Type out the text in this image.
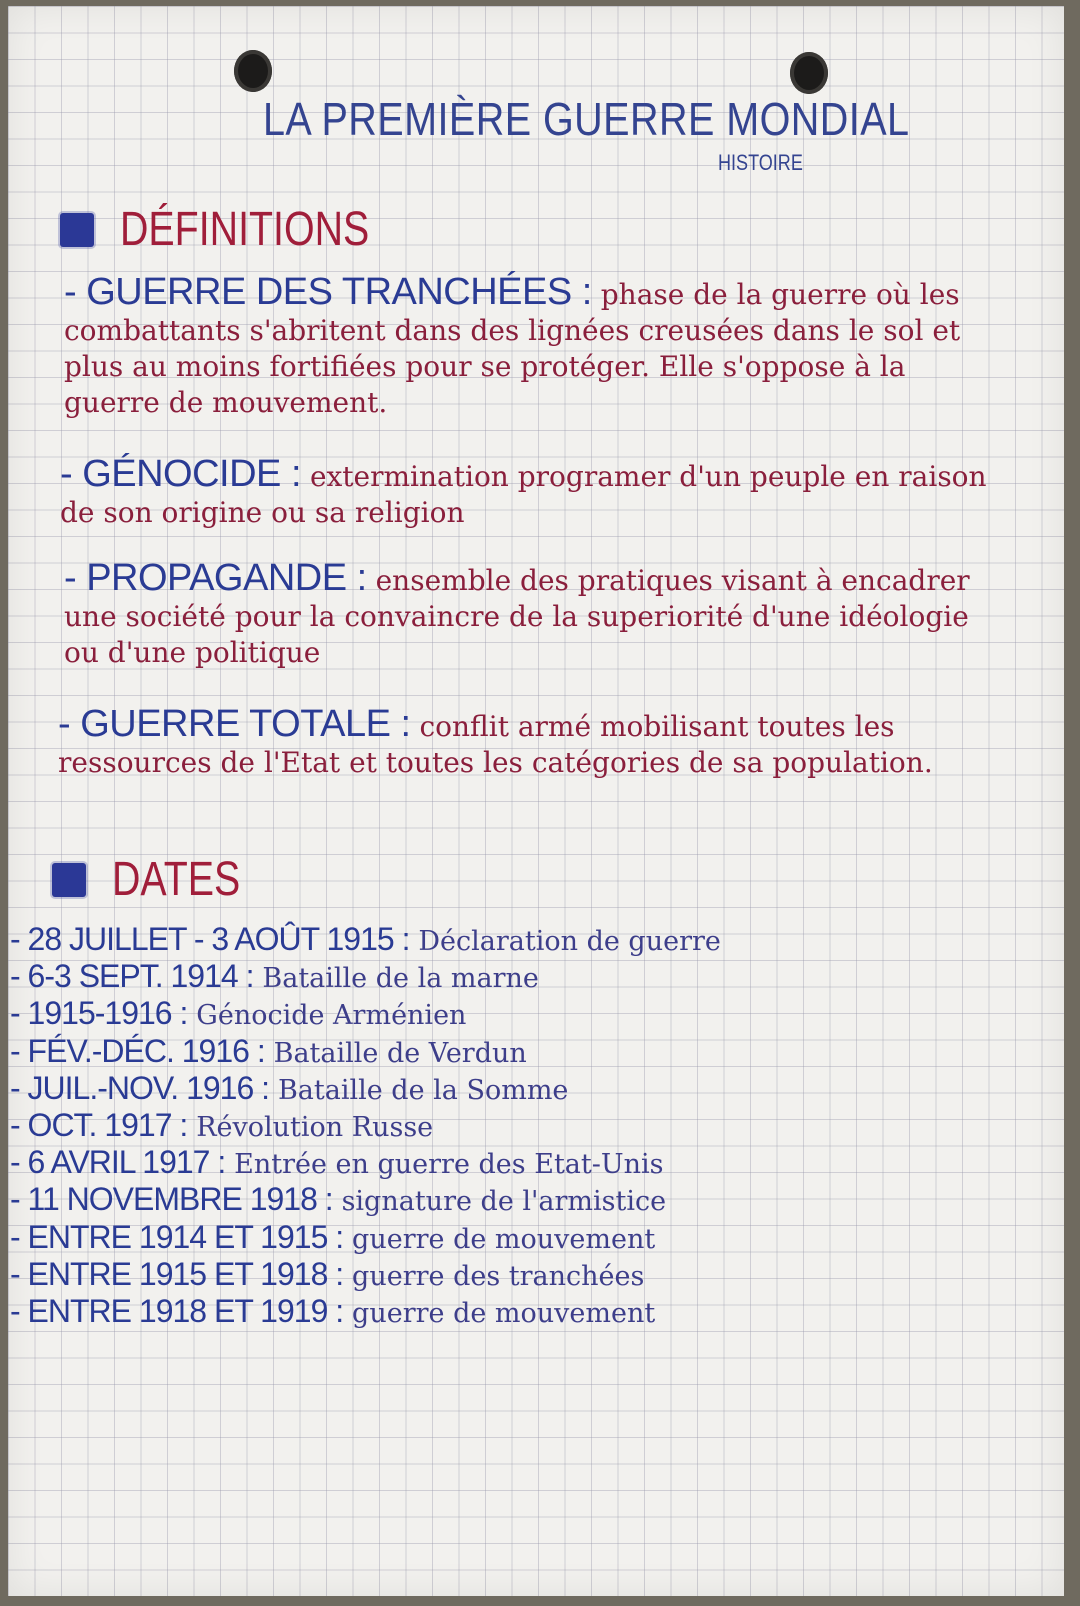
LA PREMIÈRE GUERRE MONDIAL
HISTOIRE
DÉFINITIONS

- GUERRE DES TRANCHÉES : phase de la guerre où les combattants s'abritent dans des lignées creusées dans le sol et plus au moins fortifiées pour se protéger. Elle s'oppose à la guerre de mouvement.

- GÉNOCIDE : extermination programer d'un peuple en raison de son origine ou sa religion

- PROPAGANDE : ensemble des pratiques visant à encadrer une société pour la convaincre de la superiorité d'une idéologie ou d'une politique

- GUERRE TOTALE : conflit armé mobilisant toutes les ressources de l'Etat et toutes les catégories de sa population.

DATES
- 28 JUILLET - 3 AOÛT 1915 : Déclaration de guerre
- 6-3 SEPT. 1914 : Bataille de la marne
- 1915-1916 : Génocide Arménien
- FÉV.-DÉC. 1916 : Bataille de Verdun
- JUIL.-NOV. 1916 : Bataille de la Somme
- OCT. 1917 : Révolution Russe
- 6 AVRIL 1917 : Entrée en guerre des Etat-Unis
- 11 NOVEMBRE 1918 : signature de l'armistice
- ENTRE 1914 ET 1915 : guerre de mouvement
- ENTRE 1915 ET 1918 : guerre des tranchées
- ENTRE 1918 ET 1919 : guerre de mouvement
